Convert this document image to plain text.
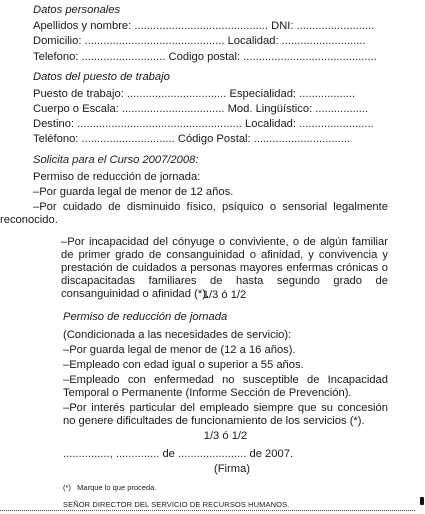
Datos personales
Apellidos y nombre: ........................................... DNI: .........................
Domicilio: ............................................. Localidad: ...........................
Telefono: ........................... Codigo postal: ...........................................
Datos del puesto de trabajo
Puesto de trabajo: ................................ Especialidad: ..................
Cuerpo o Escala: ................................. Mod. Lingüístico: .................
Destino: ..................................................... Localidad: ........................
Teléfono: .............................. Código Postal: ...............................
Solicita para el Curso 2007/2008:
Permiso de reducción de jornada:
–Por guarda legal de menor de 12 años.
–Por cuidado de disminuido físico, psíquico o sensorial legalmente reconocido.
–Por incapacidad del cónyuge o conviviente, o de algún familiar de primer grado de consanguinidad o afinidad, y convivencia y prestación de cuidados a personas mayores enfermas crónicas o discapacitadas familiares de hasta segundo grado de consanguinidad o afinidad (*).
1/3 ó 1/2
Permiso de reducción de jornada
(Condicionada a las necesidades de servicio):
–Por guarda legal de menor de (12 a 16 años).
–Empleado con edad igual o superior a 55 años.
–Empleado con enfermedad no susceptible de Incapacidad Temporal o Permanente (Informe Sección de Prevención).
–Por interés particular del empleado siempre que su concesión no genere dificultades de funcionamiento de los servicios (*).
1/3 ó 1/2
..............., .............. de ...................... de 2007.
(Firma)
(*)   Marque lo que proceda.
SEÑOR DIRECTOR DEL SERVICIO DE RECURSOS HUMANOS.
